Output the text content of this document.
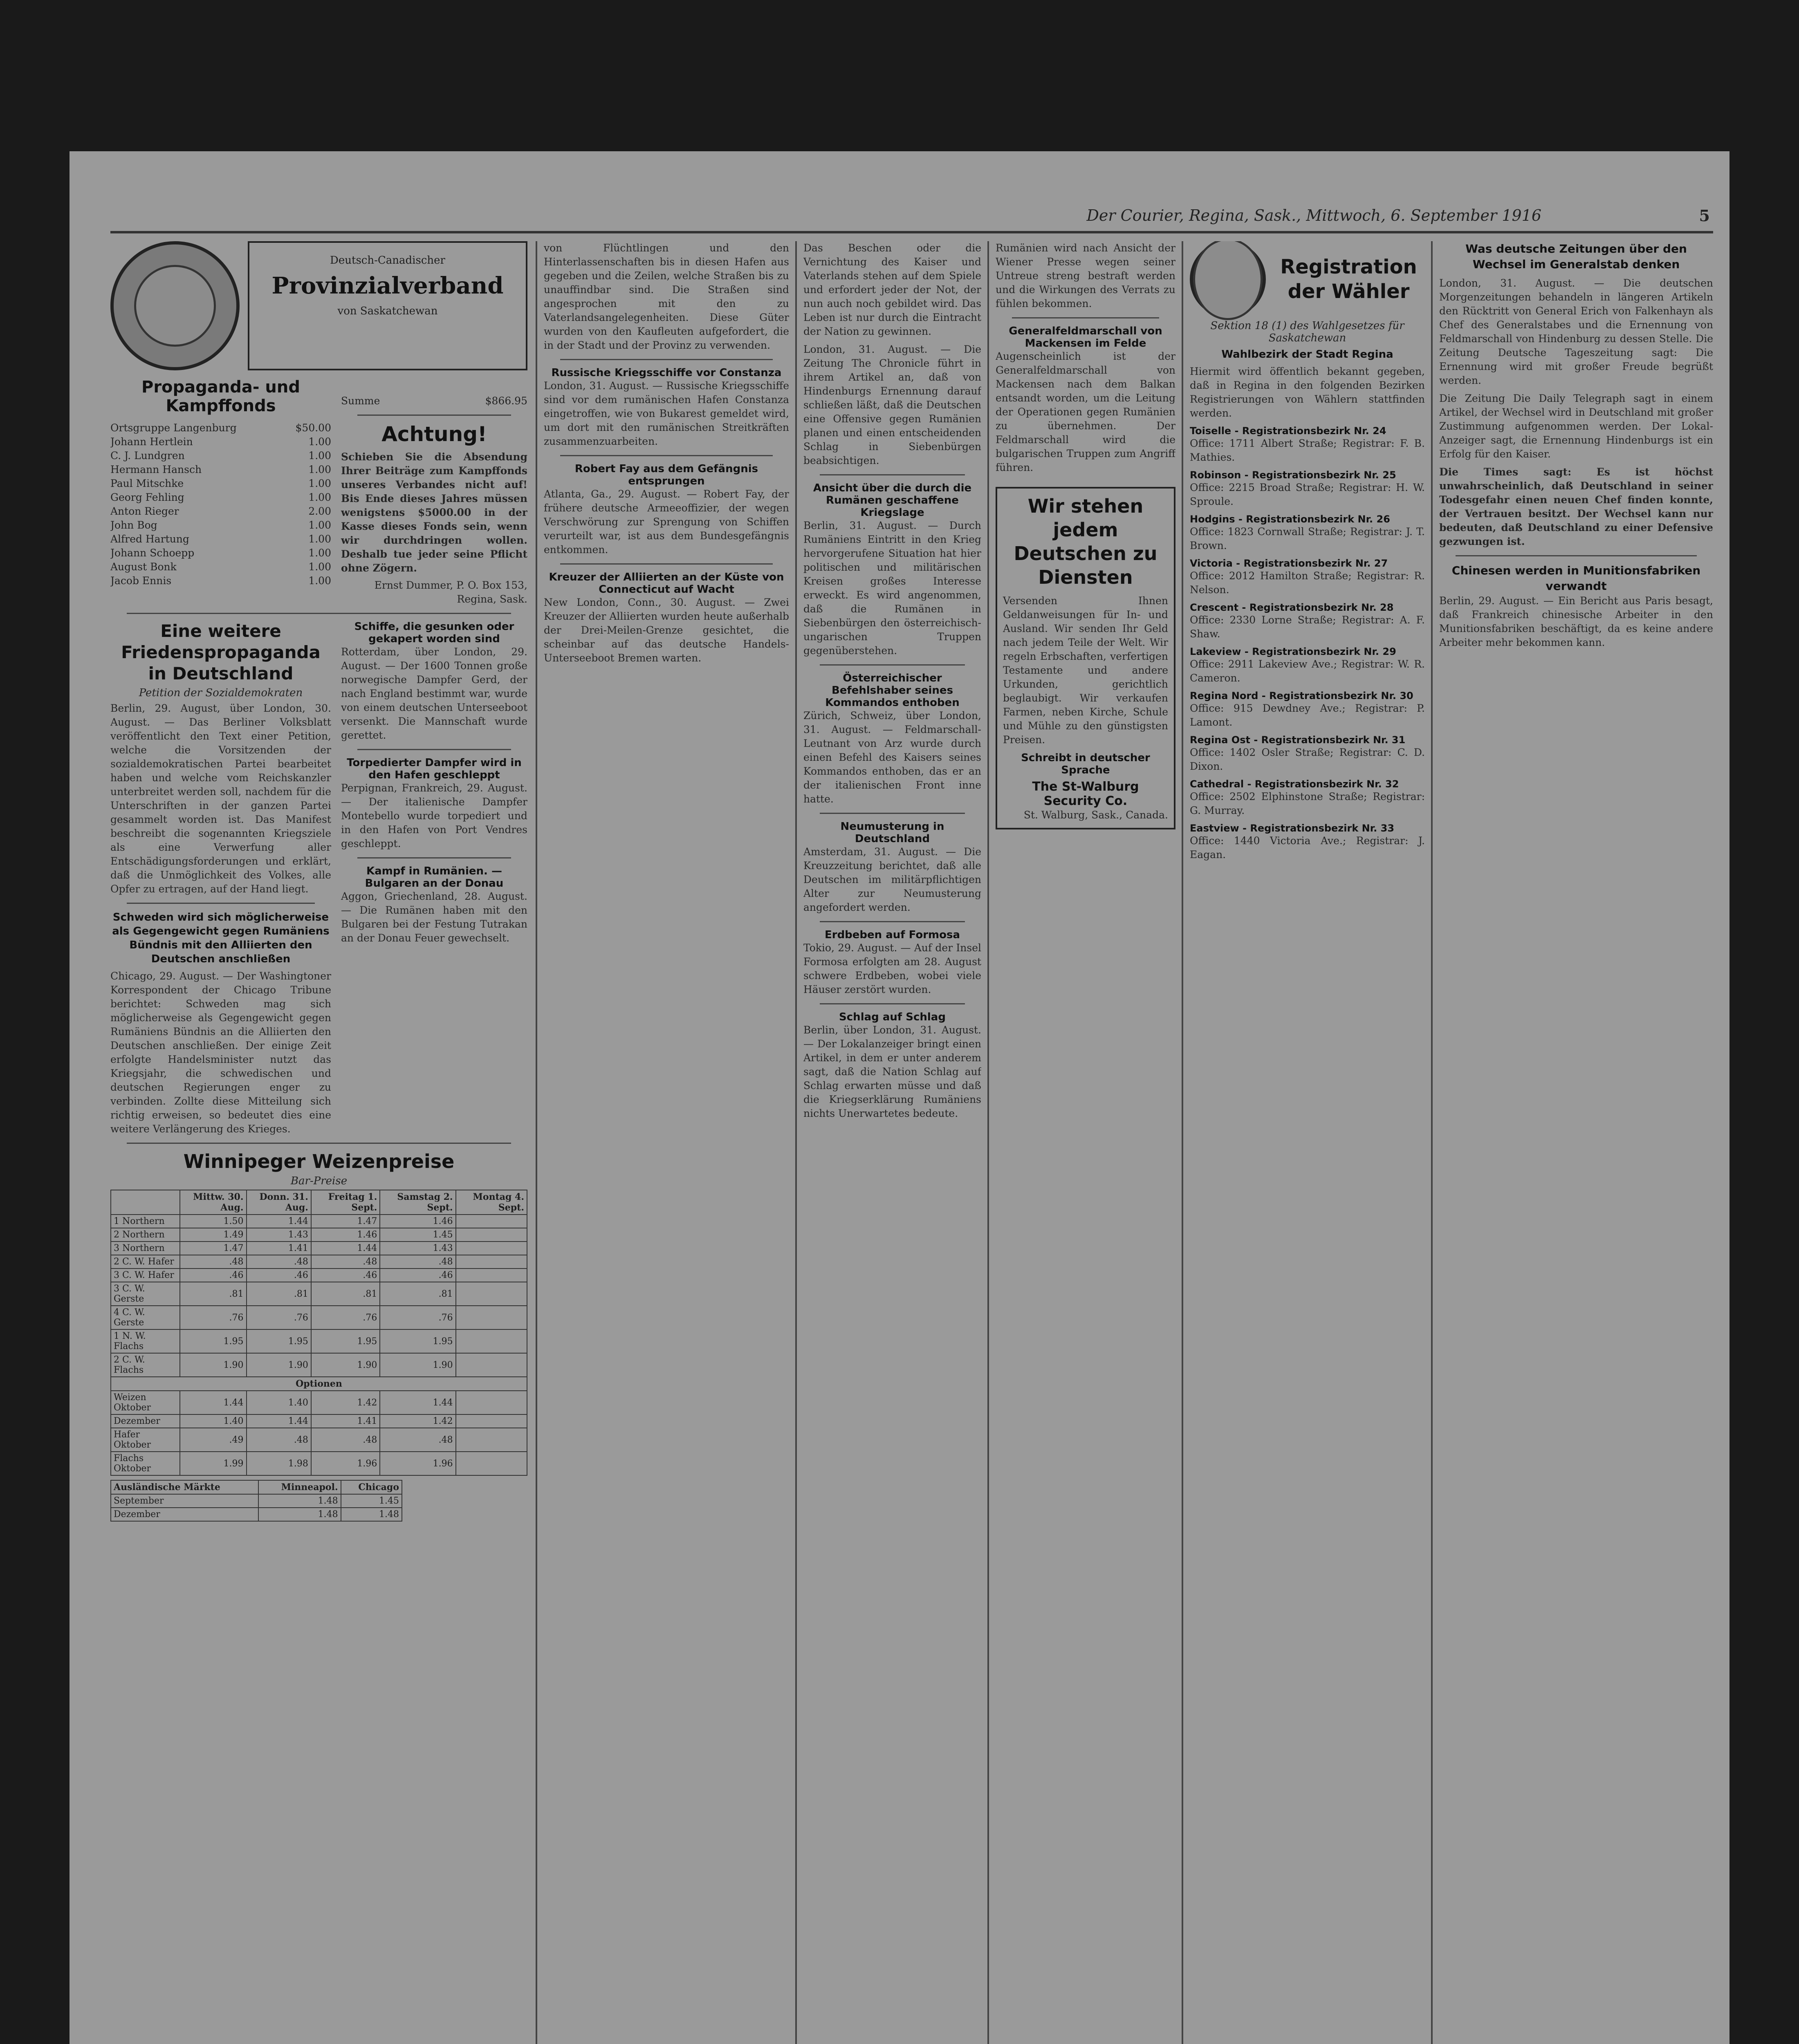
Der Courier, Regina, Sask., Mittwoch, 6. September 1916	5
Deutsch-Canadischer
Provinzialverband
von Saskatchewan
Propaganda- und Kampffonds
Ortsgruppe Langenburg	$50.00
Johann Hertlein	1.00
C. J. Lundgren	1.00
Hermann Hansch	1.00
Paul Mitschke	1.00
Georg Fehling	1.00
Anton Rieger	2.00
John Bog	1.00
Alfred Hartung	1.00
Johann Schoepp	1.00
August Bonk	1.00
Jacob Ennis	1.00
Summe	$866.95
Achtung!
Schieben Sie die Absendung Ihrer Beiträge zum Kampffonds unseres Verbandes nicht auf! Bis Ende dieses Jahres müssen wenigstens $5000.00 in der Kasse dieses Fonds sein, wenn wir durchdringen wollen. Deshalb tue jeder seine Pflicht ohne Zögern.
Ernst Dummer, P. O. Box 153, Regina, Sask.
Eine weitere Friedenspropaganda in Deutschland
Petition der Sozialdemokraten
Berlin, 29. August, über London, 30. August. — Das Berliner Volksblatt veröffentlicht den Text einer Petition, welche die Vorsitzenden der sozialdemokratischen Partei bearbeitet haben und welche vom Reichskanzler unterbreitet werden soll, nachdem für die Unterschriften in der ganzen Partei gesammelt worden ist. Das Manifest beschreibt die sogenannten Kriegsziele als eine Verwerfung aller Entschädigungsforderungen und erklärt, daß die Unmöglichkeit des Volkes, alle Opfer zu ertragen, auf der Hand liegt.
Schweden wird sich möglicherweise als Gegengewicht gegen Rumäniens Bündnis mit den Alliierten den Deutschen anschließen
Chicago, 29. August. — Der Washingtoner Korrespondent der Chicago Tribune berichtet: Schweden mag sich möglicherweise als Gegengewicht gegen Rumäniens Bündnis an die Alliierten den Deutschen anschließen. Der einige Zeit erfolgte Handelsminister nutzt das Kriegsjahr, die schwedischen und deutschen Regierungen enger zu verbinden. Zollte diese Mitteilung sich richtig erweisen, so bedeutet dies eine weitere Verlängerung des Krieges.
Schiffe, die gesunken oder gekapert worden sind
Rotterdam, über London, 29. August. — Der 1600 Tonnen große norwegische Dampfer Gerd, der nach England bestimmt war, wurde von einem deutschen Unterseeboot versenkt. Die Mannschaft wurde gerettet.
Torpedierter Dampfer wird in den Hafen geschleppt
Perpignan, Frankreich, 29. August. — Der italienische Dampfer Montebello wurde torpediert und in den Hafen von Port Vendres geschleppt.
Kampf in Rumänien. — Bulgaren an der Donau
Aggon, Griechenland, 28. August. — Die Rumänen haben mit den Bulgaren bei der Festung Tutrakan an der Donau Feuer gewechselt.
Winnipeger Weizenpreise
Bar-Preise
	Mittw. 30. Aug.	Donn. 31. Aug.	Freitag 1. Sept.	Samstag 2. Sept.	Montag 4. Sept.
1 Northern	1.50	1.44	1.47	1.46	
2 Northern	1.49	1.43	1.46	1.45	
3 Northern	1.47	1.41	1.44	1.43	
2 C. W. Hafer	.48	.48	.48	.48	
3 C. W. Hafer	.46	.46	.46	.46	
3 C. W. Gerste	.81	.81	.81	.81	
4 C. W. Gerste	.76	.76	.76	.76	
1 N. W. Flachs	1.95	1.95	1.95	1.95	
2 C. W. Flachs	1.90	1.90	1.90	1.90	
Optionen					
Weizen Oktober	1.44	1.40	1.42	1.44	
Dezember	1.40	1.44	1.41	1.42	
Hafer Oktober	.49	.48	.48	.48	
Flachs Oktober	1.99	1.98	1.96	1.96	
Ausländische Märkte	Minneapol.	Chicago
September	1.48	1.45
Dezember	1.48	1.48
von Flüchtlingen und den Hinterlassenschaften bis in diesen Hafen aus gegeben und die Zeilen, welche Straßen bis zu unauffindbar sind. Die Straßen sind angesprochen mit den zu Vaterlandsangelegenheiten. Diese Güter wurden von den Kaufleuten aufgefordert, die in der Stadt und der Provinz zu verwenden.
Russische Kriegsschiffe vor Constanza
London, 31. August. — Russische Kriegsschiffe sind vor dem rumänischen Hafen Constanza eingetroffen, wie von Bukarest gemeldet wird, um dort mit den rumänischen Streitkräften zusammenzuarbeiten.
Robert Fay aus dem Gefängnis entsprungen
Atlanta, Ga., 29. August. — Robert Fay, der frühere deutsche Armeeoffizier, der wegen Verschwörung zur Sprengung von Schiffen verurteilt war, ist aus dem Bundesgefängnis entkommen.
Kreuzer der Alliierten an der Küste von Connecticut auf Wacht
New London, Conn., 30. August. — Zwei Kreuzer der Alliierten wurden heute außerhalb der Drei-Meilen-Grenze gesichtet, die scheinbar auf das deutsche Handels-Unterseeboot Bremen warten.
Das Beschen oder die Vernichtung des Kaiser und Vaterlands stehen auf dem Spiele und erfordert jeder der Not, der nun auch noch gebildet wird. Das Leben ist nur durch die Eintracht der Nation zu gewinnen.
London, 31. August. — Die Zeitung The Chronicle führt in ihrem Artikel an, daß von Hindenburgs Ernennung darauf schließen läßt, daß die Deutschen eine Offensive gegen Rumänien planen und einen entscheidenden Schlag in Siebenbürgen beabsichtigen.
Ansicht über die durch die Rumänen geschaffene Kriegslage
Berlin, 31. August. — Durch Rumäniens Eintritt in den Krieg hervorgerufene Situation hat hier politischen und militärischen Kreisen großes Interesse erweckt. Es wird angenommen, daß die Rumänen in Siebenbürgen den österreichisch-ungarischen Truppen gegenüberstehen.
Österreichischer Befehlshaber seines Kommandos enthoben
Zürich, Schweiz, über London, 31. August. — Feldmarschall-Leutnant von Arz wurde durch einen Befehl des Kaisers seines Kommandos enthoben, das er an der italienischen Front inne hatte.
Neumusterung in Deutschland
Amsterdam, 31. August. — Die Kreuzzeitung berichtet, daß alle Deutschen im militärpflichtigen Alter zur Neumusterung angefordert werden.
Erdbeben auf Formosa
Tokio, 29. August. — Auf der Insel Formosa erfolgten am 28. August schwere Erdbeben, wobei viele Häuser zerstört wurden.
Schlag auf Schlag
Berlin, über London, 31. August. — Der Lokalanzeiger bringt einen Artikel, in dem er unter anderem sagt, daß die Nation Schlag auf Schlag erwarten müsse und daß die Kriegserklärung Rumäniens nichts Unerwartetes bedeute.
Rumänien wird nach Ansicht der Wiener Presse wegen seiner Untreue streng bestraft werden und die Wirkungen des Verrats zu fühlen bekommen.
Generalfeldmarschall von Mackensen im Felde
Augenscheinlich ist der Generalfeldmarschall von Mackensen nach dem Balkan entsandt worden, um die Leitung der Operationen gegen Rumänien zu übernehmen. Der Feldmarschall wird die bulgarischen Truppen zum Angriff führen.
Wir stehen jedem Deutschen zu Diensten
Versenden Ihnen Geldanweisungen für In- und Ausland. Wir senden Ihr Geld nach jedem Teile der Welt. Wir regeln Erbschaften, verfertigen Testamente und andere Urkunden, gerichtlich beglaubigt. Wir verkaufen Farmen, neben Kirche, Schule und Mühle zu den günstigsten Preisen.
Schreibt in deutscher Sprache
The St-Walburg Security Co.
St. Walburg, Sask., Canada.
Registration der Wähler
Sektion 18 (1) des Wahlgesetzes für Saskatchewan
Wahlbezirk der Stadt Regina
Hiermit wird öffentlich bekannt gegeben, daß in Regina in den folgenden Bezirken Registrierungen von Wählern stattfinden werden.
Toiselle - Registrationsbezirk Nr. 24
Office: 1711 Albert Straße; Registrar: F. B. Mathies.
Robinson - Registrationsbezirk Nr. 25
Office: 2215 Broad Straße; Registrar: H. W. Sproule.
Hodgins - Registrationsbezirk Nr. 26
Office: 1823 Cornwall Straße; Registrar: J. T. Brown.
Victoria - Registrationsbezirk Nr. 27
Office: 2012 Hamilton Straße; Registrar: R. Nelson.
Crescent - Registrationsbezirk Nr. 28
Office: 2330 Lorne Straße; Registrar: A. F. Shaw.
Lakeview - Registrationsbezirk Nr. 29
Office: 2911 Lakeview Ave.; Registrar: W. R. Cameron.
Regina Nord - Registrationsbezirk Nr. 30
Office: 915 Dewdney Ave.; Registrar: P. Lamont.
Regina Ost - Registrationsbezirk Nr. 31
Office: 1402 Osler Straße; Registrar: C. D. Dixon.
Cathedral - Registrationsbezirk Nr. 32
Office: 2502 Elphinstone Straße; Registrar: G. Murray.
Eastview - Registrationsbezirk Nr. 33
Office: 1440 Victoria Ave.; Registrar: J. Eagan.
Was deutsche Zeitungen über den Wechsel im Generalstab denken
London, 31. August. — Die deutschen Morgenzeitungen behandeln in längeren Artikeln den Rücktritt von General Erich von Falkenhayn als Chef des Generalstabes und die Ernennung von Feldmarschall von Hindenburg zu dessen Stelle. Die Zeitung Deutsche Tageszeitung sagt: Die Ernennung wird mit großer Freude begrüßt werden.
Die Zeitung Die Daily Telegraph sagt in einem Artikel, der Wechsel wird in Deutschland mit großer Zustimmung aufgenommen werden. Der Lokal-Anzeiger sagt, die Ernennung Hindenburgs ist ein Erfolg für den Kaiser.
Die Times sagt: Es ist höchst unwahrscheinlich, daß Deutschland in seiner Todesgefahr einen neuen Chef finden konnte, der Vertrauen besitzt. Der Wechsel kann nur bedeuten, daß Deutschland zu einer Defensive gezwungen ist.
Chinesen werden in Munitionsfabriken verwandt
Berlin, 29. August. — Ein Bericht aus Paris besagt, daß Frankreich chinesische Arbeiter in den Munitionsfabriken beschäftigt, da es keine andere Arbeiter mehr bekommen kann.
